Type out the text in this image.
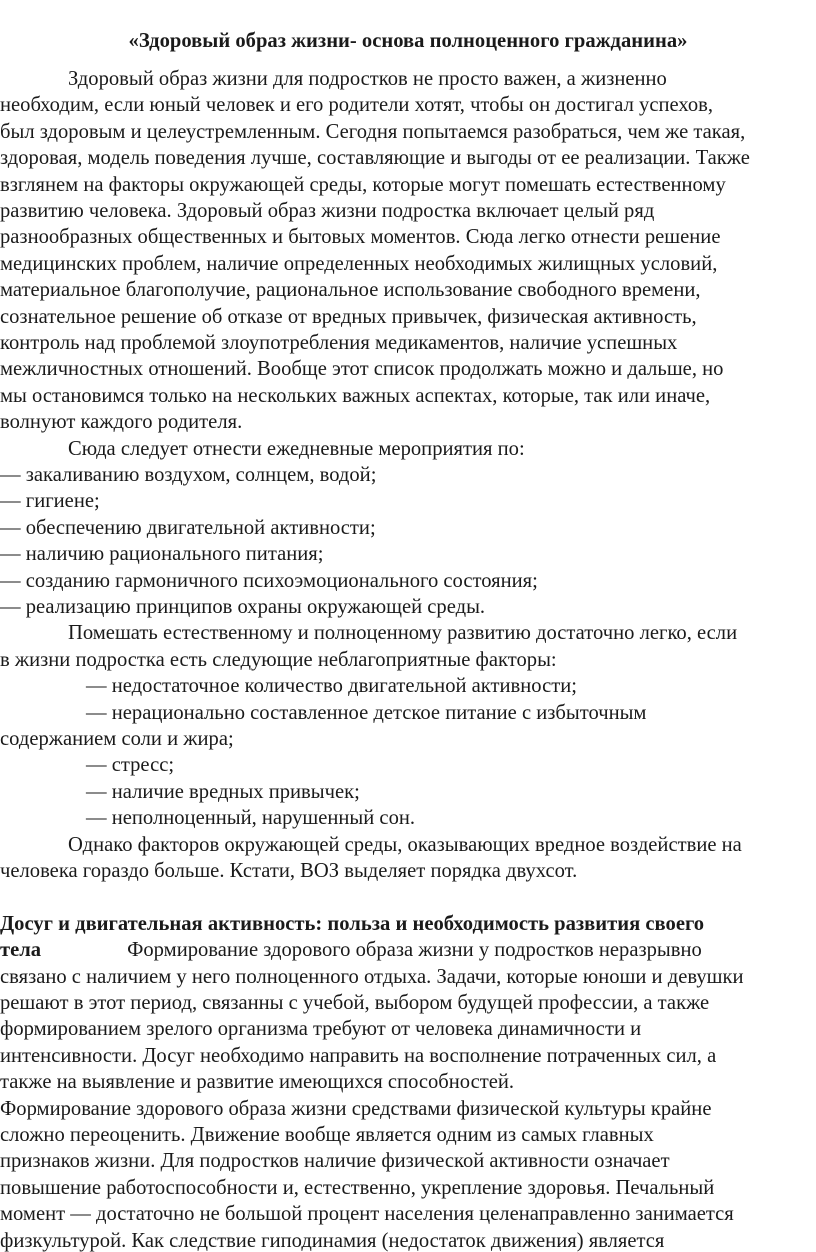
«Здоровый образ жизни- основа полноценного гражданина»
Здоровый образ жизни для подростков не просто важен, а жизненно
необходим, если юный человек и его родители хотят, чтобы он достигал успехов,
был здоровым и целеустремленным. Сегодня попытаемся разобраться, чем же такая,
здоровая, модель поведения лучше, составляющие и выгоды от ее реализации. Также
взглянем на факторы окружающей среды, которые могут помешать естественному
развитию человека. Здоровый образ жизни подростка включает целый ряд
разнообразных общественных и бытовых моментов. Сюда легко отнести решение
медицинских проблем, наличие определенных необходимых жилищных условий,
материальное благополучие, рациональное использование свободного времени,
сознательное решение об отказе от вредных привычек, физическая активность,
контроль над проблемой злоупотребления медикаментов, наличие успешных
межличностных отношений. Вообще этот список продолжать можно и дальше, но
мы остановимся только на нескольких важных аспектах, которые, так или иначе,
волнуют каждого родителя.
Сюда следует отнести ежедневные мероприятия по:
— закаливанию воздухом, солнцем, водой;
— гигиене;
— обеспечению двигательной активности;
— наличию рационального питания;
— созданию гармоничного психоэмоционального состояния;
— реализацию принципов охраны окружающей среды.
Помешать естественному и полноценному развитию достаточно легко, если
в жизни подростка есть следующие неблагоприятные факторы:
— недостаточное количество двигательной активности;
— нерационально составленное детское питание с избыточным
содержанием соли и жира;
— стресс;
— наличие вредных привычек;
— неполноценный, нарушенный сон.
Однако факторов окружающей среды, оказывающих вредное воздействие на
человека гораздо больше. Кстати, ВОЗ выделяет порядка двухсот.
Досуг и двигательная активность: польза и необходимость развития своего
тела	Формирование здорового образа жизни у подростков неразрывно
связано с наличием у него полноценного отдыха. Задачи, которые юноши и девушки
решают в этот период, связанны с учебой, выбором будущей профессии, а также
формированием зрелого организма требуют от человека динамичности и
интенсивности. Досуг необходимо направить на восполнение потраченных сил, а
также на выявление и развитие имеющихся способностей.
Формирование здорового образа жизни средствами физической культуры крайне
сложно переоценить. Движение вообще является одним из самых главных
признаков жизни. Для подростков наличие физической активности означает
повышение работоспособности и, естественно, укрепление здоровья. Печальный
момент — достаточно не большой процент населения целенаправленно занимается
физкультурой. Как следствие гиподинамия (недостаток движения) является
